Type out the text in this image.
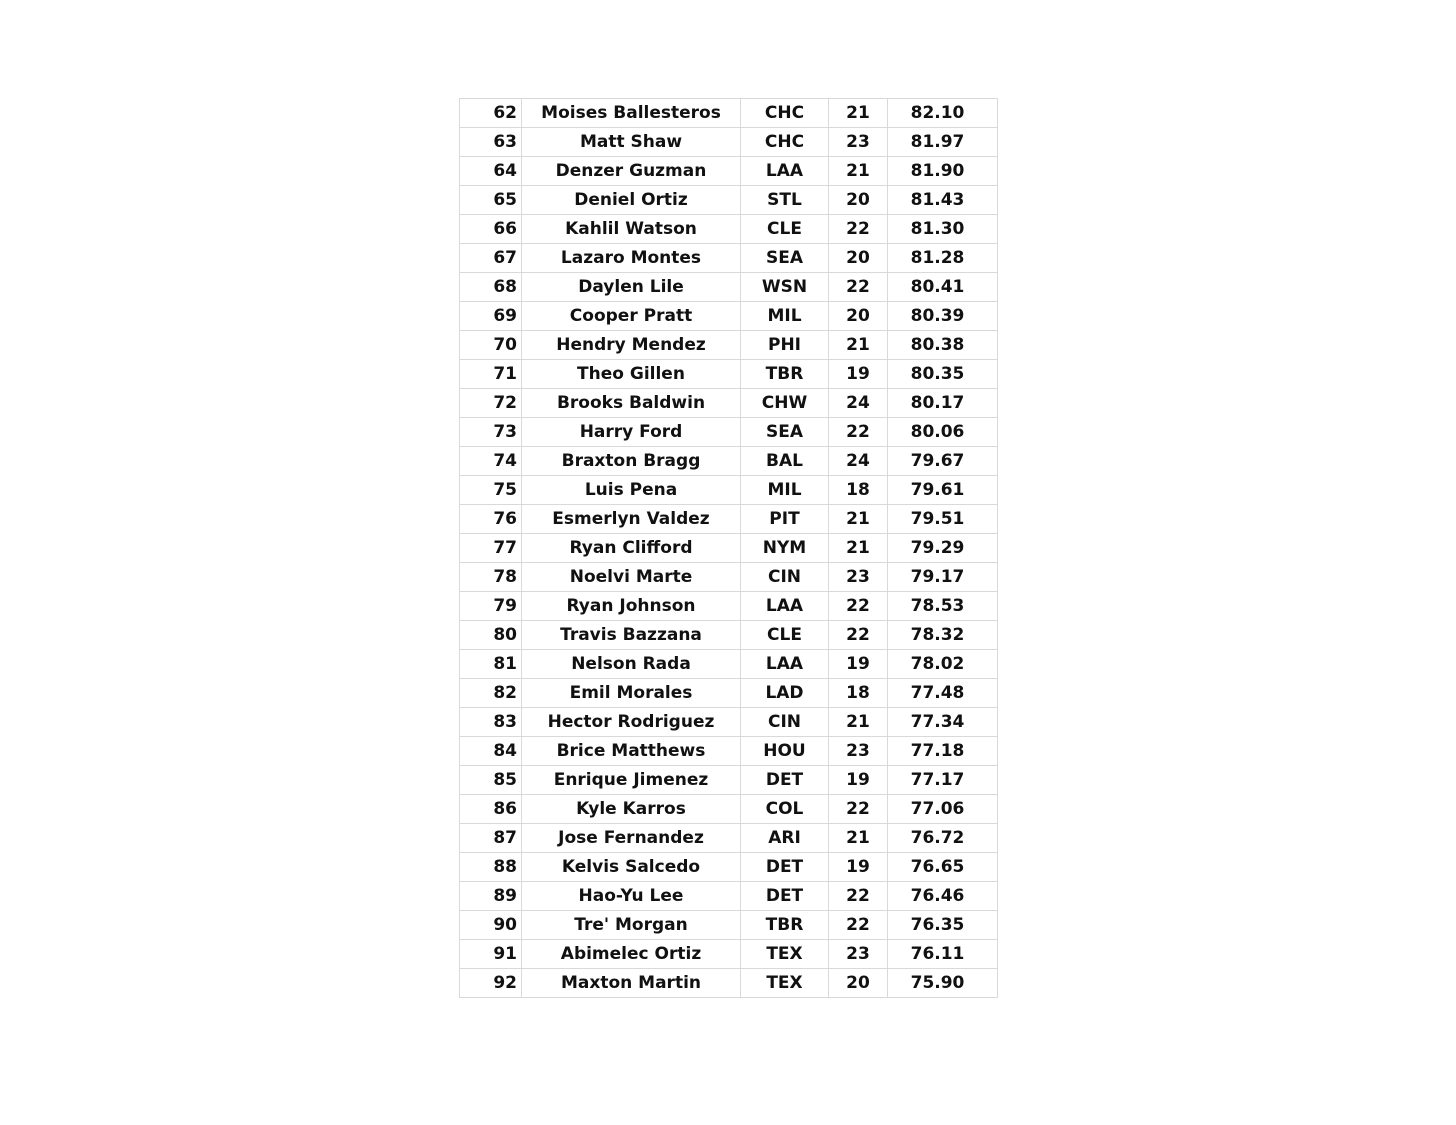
62	Moises Ballesteros	CHC	21	82.10
63	Matt Shaw	CHC	23	81.97
64	Denzer Guzman	LAA	21	81.90
65	Deniel Ortiz	STL	20	81.43
66	Kahlil Watson	CLE	22	81.30
67	Lazaro Montes	SEA	20	81.28
68	Daylen Lile	WSN	22	80.41
69	Cooper Pratt	MIL	20	80.39
70	Hendry Mendez	PHI	21	80.38
71	Theo Gillen	TBR	19	80.35
72	Brooks Baldwin	CHW	24	80.17
73	Harry Ford	SEA	22	80.06
74	Braxton Bragg	BAL	24	79.67
75	Luis Pena	MIL	18	79.61
76	Esmerlyn Valdez	PIT	21	79.51
77	Ryan Clifford	NYM	21	79.29
78	Noelvi Marte	CIN	23	79.17
79	Ryan Johnson	LAA	22	78.53
80	Travis Bazzana	CLE	22	78.32
81	Nelson Rada	LAA	19	78.02
82	Emil Morales	LAD	18	77.48
83	Hector Rodriguez	CIN	21	77.34
84	Brice Matthews	HOU	23	77.18
85	Enrique Jimenez	DET	19	77.17
86	Kyle Karros	COL	22	77.06
87	Jose Fernandez	ARI	21	76.72
88	Kelvis Salcedo	DET	19	76.65
89	Hao-Yu Lee	DET	22	76.46
90	Tre' Morgan	TBR	22	76.35
91	Abimelec Ortiz	TEX	23	76.11
92	Maxton Martin	TEX	20	75.90
